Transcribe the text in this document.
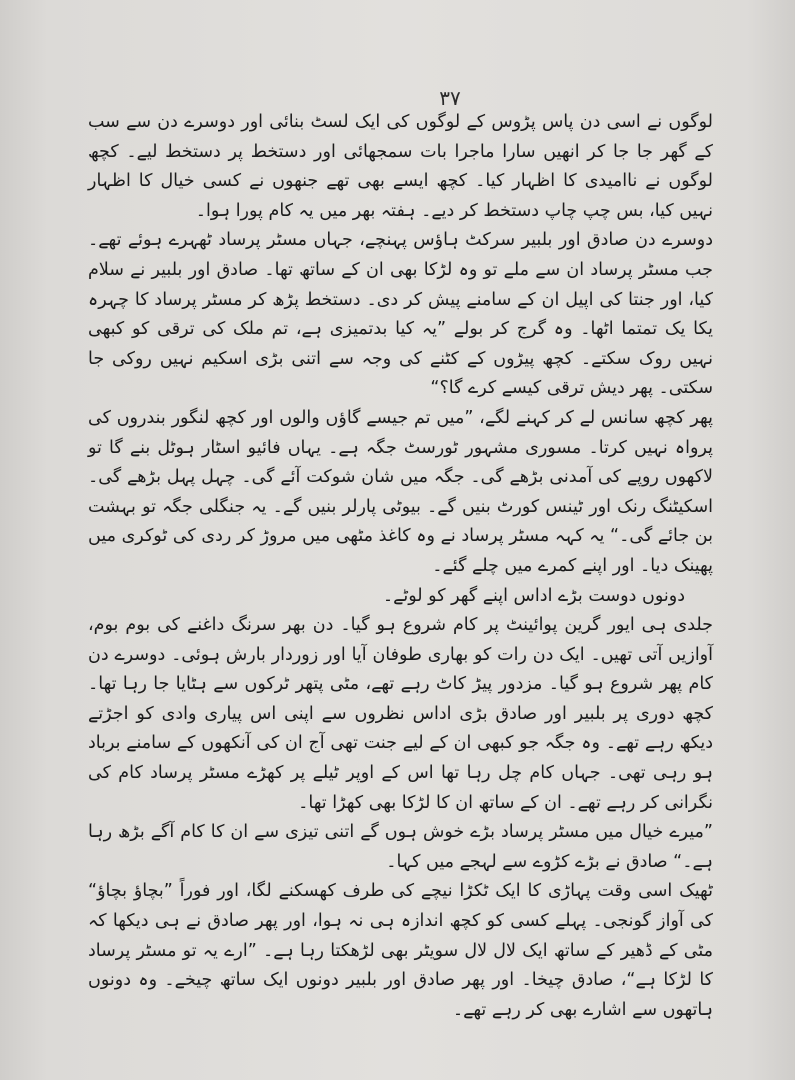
۳۷

لوگوں نے اسی دن پاس پڑوس کے لوگوں کی ایک لسٹ بنائی اور دوسرے دن سے سب کے گھر جا جا کر انھیں سارا ماجرا بات سمجھائی اور دستخط پر دستخط لیے۔ کچھ لوگوں نے ناامیدی کا اظہار کیا۔ کچھ ایسے بھی تھے جنھوں نے کسی خیال کا اظہار نہیں کیا، بس چپ چاپ دستخط کر دیے۔ ہفتہ بھر میں یہ کام پورا ہوا۔

دوسرے دن صادق اور بلبیر سرکٹ ہاؤس پہنچے، جہاں مسٹر پرساد ٹھہرے ہوئے تھے۔ جب مسٹر پرساد ان سے ملے تو وہ لڑکا بھی ان کے ساتھ تھا۔ صادق اور بلبیر نے سلام کیا، اور جنتا کی اپیل ان کے سامنے پیش کر دی۔ دستخط پڑھ کر مسٹر پرساد کا چہرہ یکا یک تمتما اٹھا۔ وہ گرج کر بولے ”یہ کیا بدتمیزی ہے، تم ملک کی ترقی کو کبھی نہیں روک سکتے۔ کچھ پیڑوں کے کٹنے کی وجہ سے اتنی بڑی اسکیم نہیں روکی جا سکتی۔ پھر دیش ترقی کیسے کرے گا؟“

پھر کچھ سانس لے کر کہنے لگے، ”میں تم جیسے گاؤں والوں اور کچھ لنگور بندروں کی پرواہ نہیں کرتا۔ مسوری مشہور ٹورسٹ جگہ ہے۔ یہاں فائیو اسٹار ہوٹل بنے گا تو لاکھوں روپے کی آمدنی بڑھے گی۔ جگہ میں شان شوکت آئے گی۔ چہل پہل بڑھے گی۔ اسکیٹنگ رنک اور ٹینس کورٹ بنیں گے۔ بیوٹی پارلر بنیں گے۔ یہ جنگلی جگہ تو بہشت بن جائے گی۔“ یہ کہہ مسٹر پرساد نے وہ کاغذ مٹھی میں مروڑ کر ردی کی ٹوکری میں پھینک دیا۔ اور اپنے کمرے میں چلے گئے۔

دونوں دوست بڑے اداس اپنے گھر کو لوٹے۔

جلدی ہی ایور گرین پوائینٹ پر کام شروع ہو گیا۔ دن بھر سرنگ داغنے کی بوم بوم، آوازیں آتی تھیں۔ ایک دن رات کو بھاری طوفان آیا اور زوردار بارش ہوئی۔ دوسرے دن کام پھر شروع ہو گیا۔ مزدور پیڑ کاٹ رہے تھے، مٹی پتھر ٹرکوں سے ہٹایا جا رہا تھا۔ کچھ دوری پر بلبیر اور صادق بڑی اداس نظروں سے اپنی اس پیاری وادی کو اجڑتے دیکھ رہے تھے۔ وہ جگہ جو کبھی ان کے لیے جنت تھی آج ان کی آنکھوں کے سامنے برباد ہو رہی تھی۔ جہاں کام چل رہا تھا اس کے اوپر ٹیلے پر کھڑے مسٹر پرساد کام کی نگرانی کر رہے تھے۔ ان کے ساتھ ان کا لڑکا بھی کھڑا تھا۔

”میرے خیال میں مسٹر پرساد بڑے خوش ہوں گے اتنی تیزی سے ان کا کام آگے بڑھ رہا ہے۔“ صادق نے بڑے کڑوے سے لہجے میں کہا۔

ٹھیک اسی وقت پہاڑی کا ایک ٹکڑا نیچے کی طرف کھسکنے لگا، اور فوراً ”بچاؤ بچاؤ“ کی آواز گونجی۔ پہلے کسی کو کچھ اندازہ ہی نہ ہوا، اور پھر صادق نے ہی دیکھا کہ مٹی کے ڈھیر کے ساتھ ایک لال لال سویٹر بھی لڑھکتا رہا ہے۔ ”ارے یہ تو مسٹر پرساد کا لڑکا ہے“، صادق چیخا۔ اور پھر صادق اور بلبیر دونوں ایک ساتھ چیخے۔ وہ دونوں ہاتھوں سے اشارے بھی کر رہے تھے۔
